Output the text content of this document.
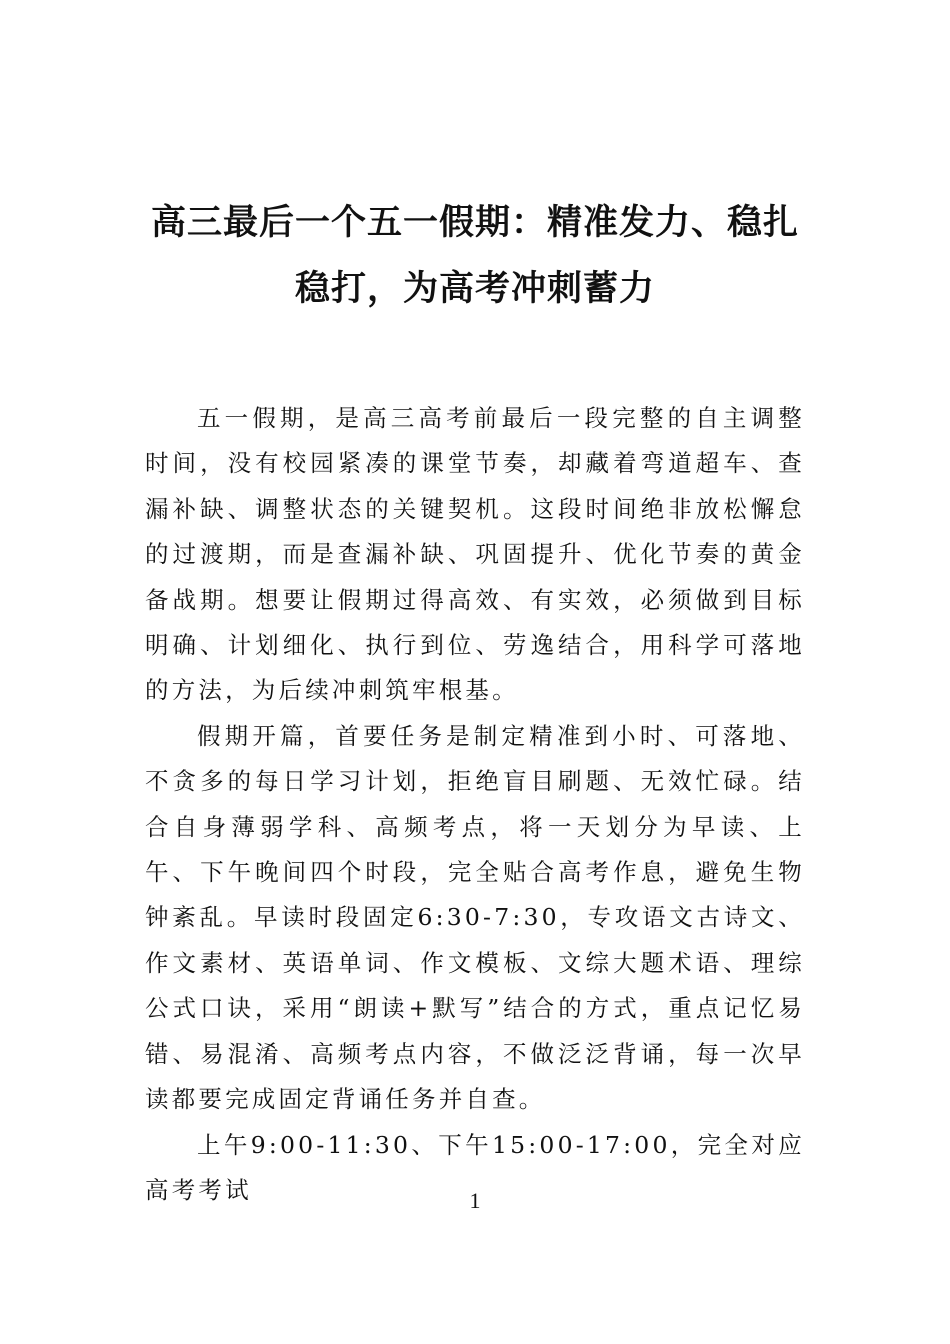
高三最后一个五一假期：精准发力、稳扎
稳打，为高考冲刺蓄力

五一假期，是高三高考前最后一段完整的自主调整时间，没有校园紧凑的课堂节奏，却藏着弯道超车、查漏补缺、调整状态的关键契机。这段时间绝非放松懈怠的过渡期，而是查漏补缺、巩固提升、优化节奏的黄金备战期。想要让假期过得高效、有实效，必须做到目标明确、计划细化、执行到位、劳逸结合，用科学可落地的方法，为后续冲刺筑牢根基。

假期开篇，首要任务是制定精准到小时、可落地、不贪多的每日学习计划，拒绝盲目刷题、无效忙碌。结合自身薄弱学科、高频考点，将一天划分为早读、上午、下午晚间四个时段，完全贴合高考作息，避免生物钟紊乱。早读时段固定6:30-7:30，专攻语文古诗文、作文素材、英语单词、作文模板、文综大题术语、理综公式口诀，采用“朗读+默写”结合的方式，重点记忆易错、易混淆、高频考点内容，不做泛泛背诵，每一次早读都要完成固定背诵任务并自查。

上午9:00-11:30、下午15:00-17:00，完全对应高考考试	1
